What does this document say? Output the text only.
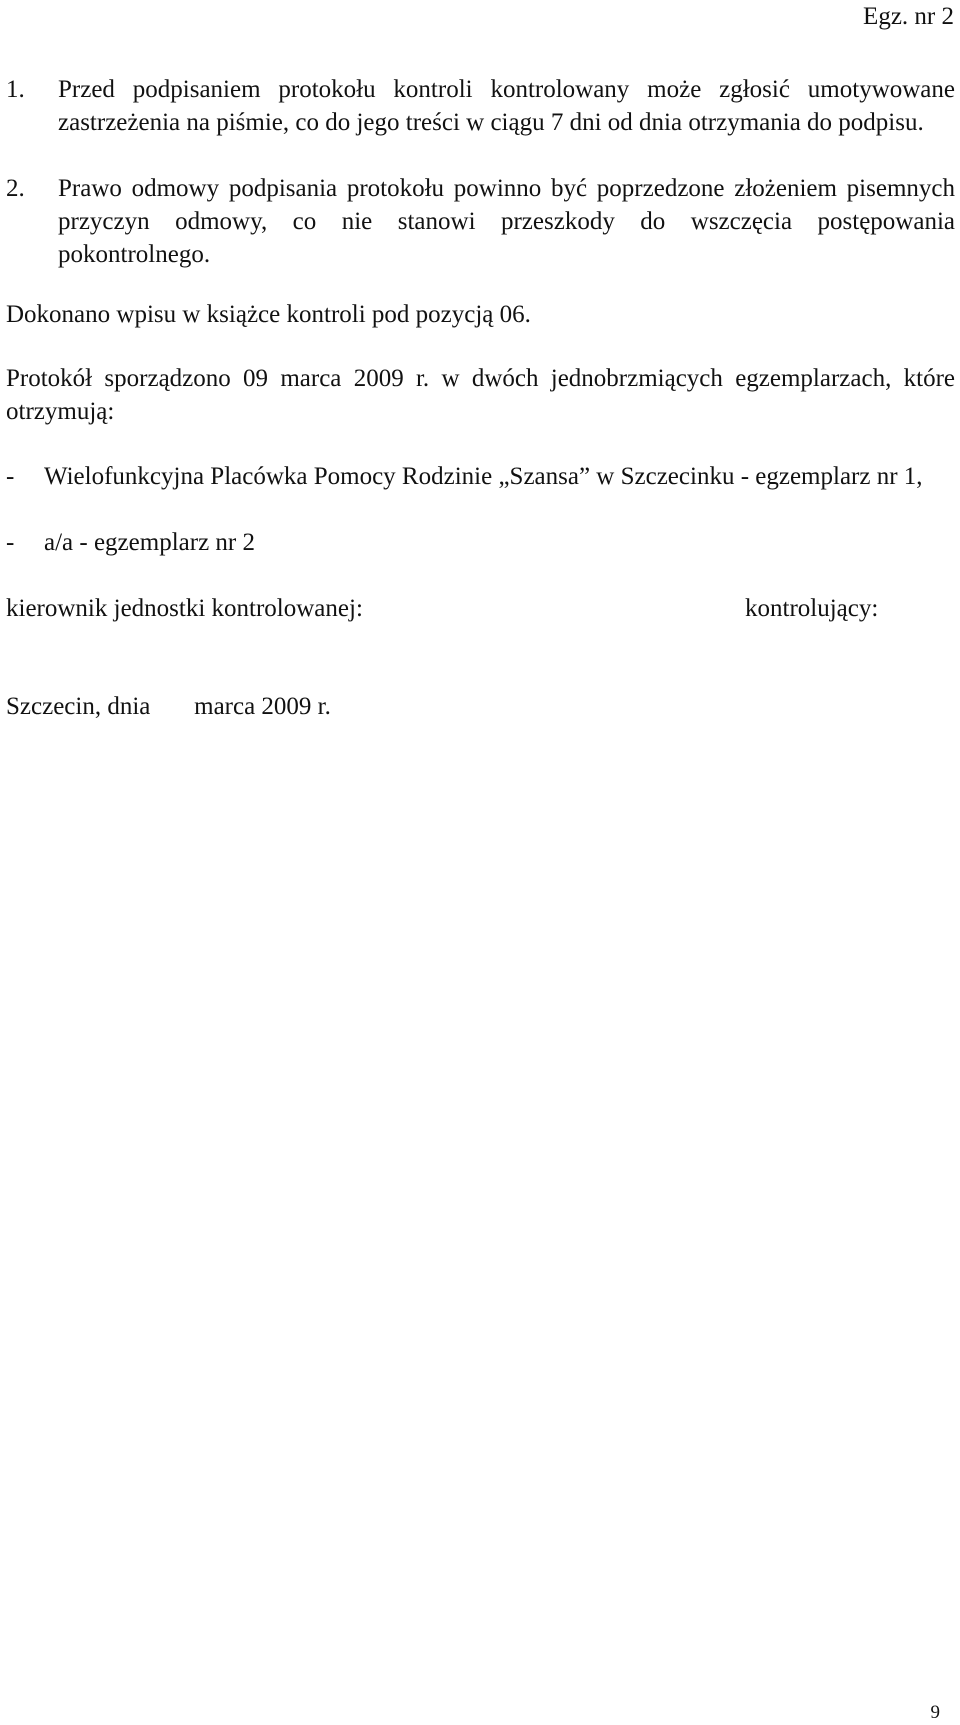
Egz. nr 2
1.	Przed podpisaniem protokołu kontroli kontrolowany może zgłosić umotywowane zastrzeżenia na piśmie, co do jego treści w ciągu 7 dni od dnia otrzymania do podpisu.
2.	Prawo odmowy podpisania protokołu powinno być poprzedzone złożeniem pisemnych przyczyn odmowy, co nie stanowi przeszkody do wszczęcia postępowania pokontrolnego.
Dokonano wpisu w książce kontroli pod pozycją 06.
Protokół sporządzono 09 marca 2009 r. w dwóch jednobrzmiących egzemplarzach, które otrzymują:
-	Wielofunkcyjna Placówka Pomocy Rodzinie „Szansa” w Szczecinku - egzemplarz nr 1,
-	a/a - egzemplarz nr 2
kierownik jednostki kontrolowanej:	kontrolujący:
Szczecin, dnia       marca 2009 r.
9
